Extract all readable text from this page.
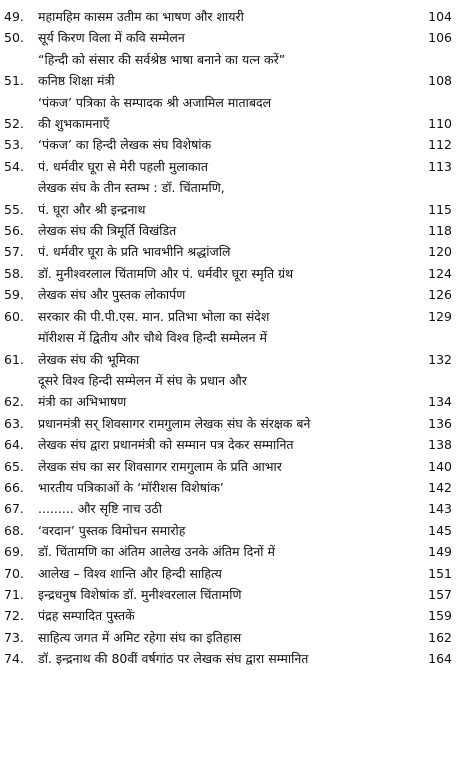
49.	महामहिम कासम उतीम का भाषण और शायरी	104
50.	सूर्य किरण विला में कवि सम्मेलन	106
51.
“हिन्दी को संसार की सर्वश्रेष्ठ भाषा बनाने का यत्न करें”
कनिष्ठ शिक्षा मंत्री	108
52.
‘पंकज’ पत्रिका के सम्पादक श्री अजामिल माताबदल
की शुभकामनाएँ	110
53.	‘पंकज’ का हिन्दी लेखक संघ विशेषांक	112
54.	पं. धर्मवीर घूरा से मेरी पहली मुलाकात	113
55.
लेखक संघ के तीन स्तम्भ : डॉ. चिंतामणि,
पं. घूरा और श्री इन्द्रनाथ	115
56.	लेखक संघ की त्रिमूर्ति विखंडित	118
57.	पं. धर्मवीर घूरा के प्रति भावभीनि श्रद्धांजलि	120
58.	डॉ. मुनीश्वरलाल चिंतामणि और पं. धर्मवीर घूरा स्मृति ग्रंथ	124
59.	लेखक संघ और पुस्तक लोकार्पण	126
60.	सरकार की पी.पी.एस. मान. प्रतिभा भोला का संदेश	129
61.
मॉरीशस में द्वितीय और चौथे विश्व हिन्दी सम्मेलन में
लेखक संघ की भूमिका	132
62.
दूसरे विश्व हिन्दी सम्मेलन में संघ के प्रधान और
मंत्री का अभिभाषण	134
63.	प्रधानमंत्री सर् शिवसागर रामगुलाम लेखक संघ के संरक्षक बने	136
64.	लेखक संघ द्वारा प्रधानमंत्री को सम्मान पत्र देकर सम्मानित	138
65.	लेखक संघ का सर शिवसागर रामगुलाम के प्रति आभार	140
66.	भारतीय पत्रिकाओं के ‘मॉरीशस विशेषांक’	142
67.	......... और सृष्टि नाच उठी	143
68.	‘वरदान’ पुस्तक विमोचन समारोह	145
69.	डॉ. चिंतामणि का अंतिम आलेख उनके अंतिम दिनों में	149
70.	आलेख – विश्व शान्ति और हिन्दी साहित्य	151
71.	इन्द्रधनुष विशेषांक डॉ. मुनीश्वरलाल चिंतामणि	157
72.	पंद्रह सम्पादित पुस्तकें	159
73.	साहित्य जगत में अमिट रहेगा संघ का इतिहास	162
74.	डॉ. इन्द्रनाथ की 80वीं वर्षगांठ पर लेखक संघ द्वारा सम्मानित	164
